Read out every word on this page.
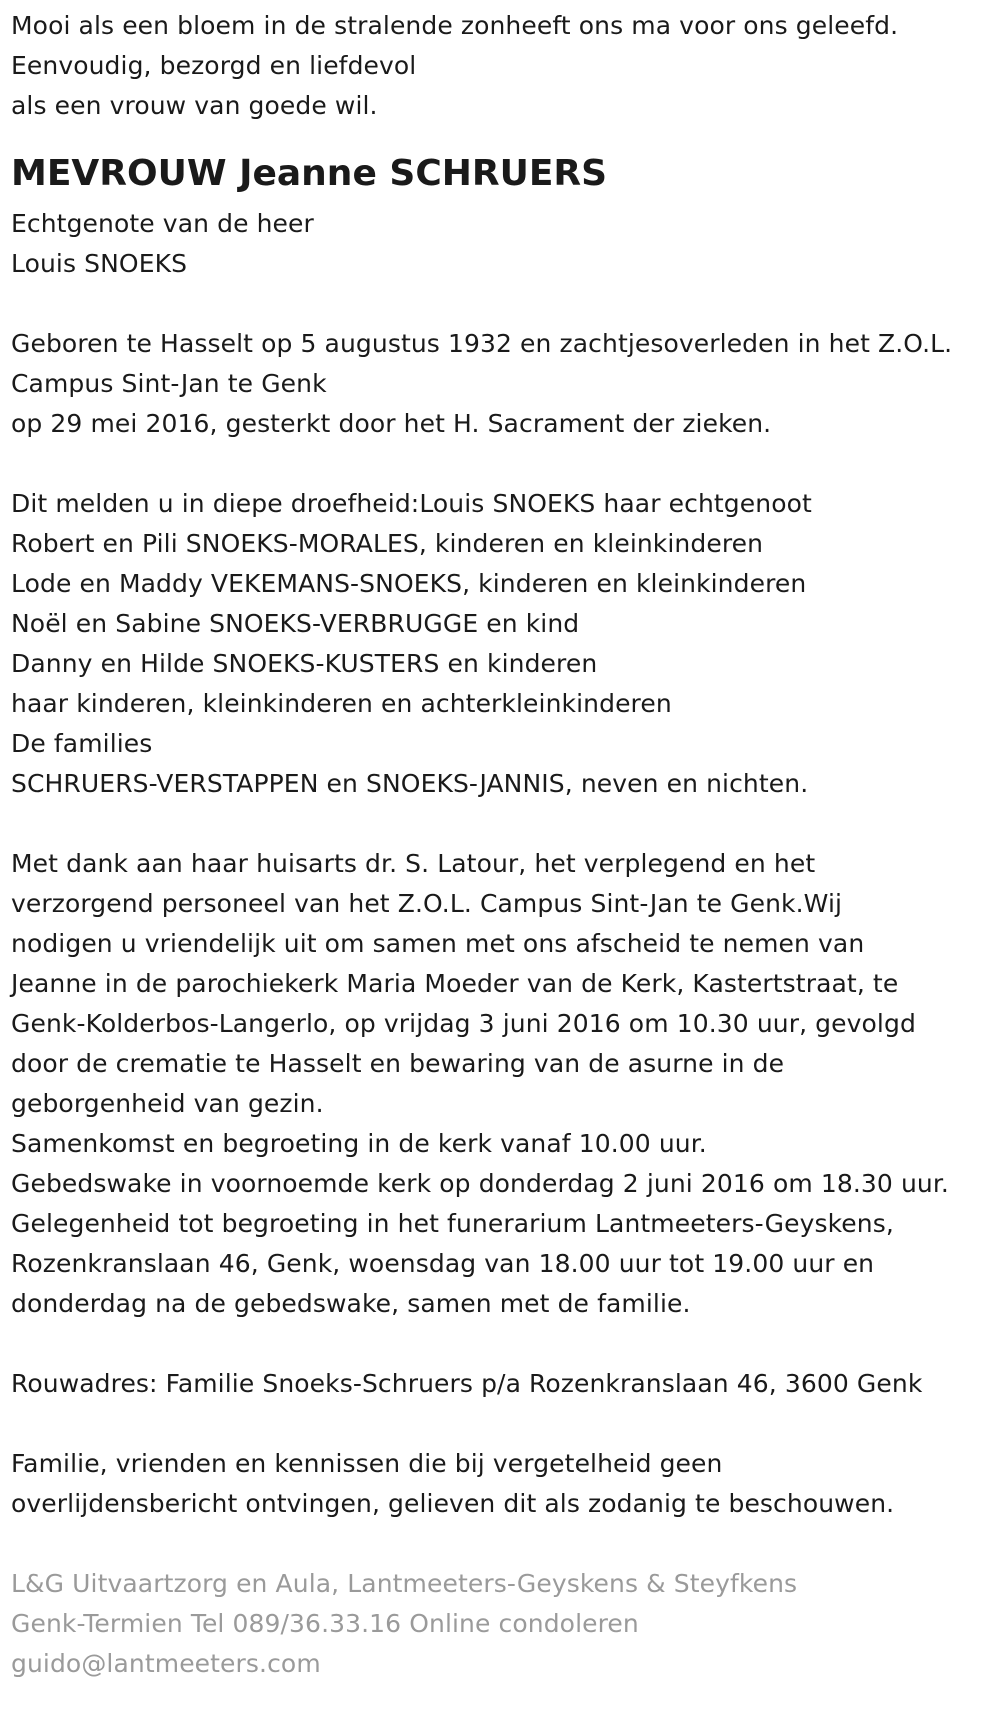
Mooi als een bloem in de stralende zonheeft ons ma voor ons geleefd.
Eenvoudig, bezorgd en liefdevol
als een vrouw van goede wil.
MEVROUW Jeanne SCHRUERS
Echtgenote van de heer
Louis SNOEKS
Geboren te Hasselt op 5 augustus 1932 en zachtjesoverleden in het Z.O.L.
Campus Sint-Jan te Genk
op 29 mei 2016, gesterkt door het H. Sacrament der zieken.
Dit melden u in diepe droefheid:Louis SNOEKS haar echtgenoot
Robert en Pili SNOEKS-MORALES, kinderen en kleinkinderen
Lode en Maddy VEKEMANS-SNOEKS, kinderen en kleinkinderen
Noël en Sabine SNOEKS-VERBRUGGE en kind
Danny en Hilde SNOEKS-KUSTERS en kinderen
haar kinderen, kleinkinderen en achterkleinkinderen
De families
SCHRUERS-VERSTAPPEN en SNOEKS-JANNIS, neven en nichten.
Met dank aan haar huisarts dr. S. Latour, het verplegend en het
verzorgend personeel van het Z.O.L. Campus Sint-Jan te Genk.Wij
nodigen u vriendelijk uit om samen met ons afscheid te nemen van
Jeanne in de parochiekerk Maria Moeder van de Kerk, Kastertstraat, te
Genk-Kolderbos-Langerlo, op vrijdag 3 juni 2016 om 10.30 uur, gevolgd
door de crematie te Hasselt en bewaring van de asurne in de
geborgenheid van gezin.
Samenkomst en begroeting in de kerk vanaf 10.00 uur.
Gebedswake in voornoemde kerk op donderdag 2 juni 2016 om 18.30 uur.
Gelegenheid tot begroeting in het funerarium Lantmeeters-Geyskens,
Rozenkranslaan 46, Genk, woensdag van 18.00 uur tot 19.00 uur en
donderdag na de gebedswake, samen met de familie.
Rouwadres: Familie Snoeks-Schruers p/a Rozenkranslaan 46, 3600 Genk
Familie, vrienden en kennissen die bij vergetelheid geen
overlijdensbericht ontvingen, gelieven dit als zodanig te beschouwen.
L&G Uitvaartzorg en Aula, Lantmeeters-Geyskens & Steyfkens
Genk-Termien Tel 089/36.33.16 Online condoleren
guido@lantmeeters.com
